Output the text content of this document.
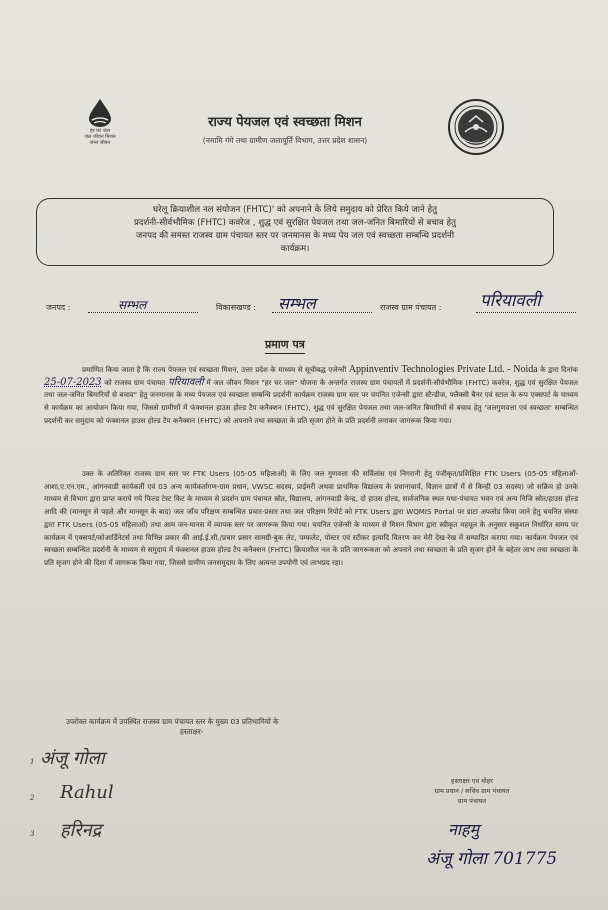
हर घर जल
जल जीवन मिशन
जन्म जीवन
राज्य पेयजल एवं स्वच्छता मिशन
(नमामि गंगे तथा ग्रामीण जलापूर्ति विभाग, उत्तर प्रदेश शासन)
घरेलू क्रियाशील नल संयोजन (FHTC)' को अपनाने के लिये समुदाय को प्रेरित किये जाने हेतु
प्रदर्शनी-सीर्वभौमिक (FHTC) कवरेज , शुद्ध एवं सुरक्षित पेयजल तथा जल-जनित बिमारियों से बचाव हेतु
जनपद की समस्त राजस्व ग्राम पंचायत स्तर पर जनमानस के मध्य पेय जल एवं स्वच्छता सम्बन्धि प्रदर्शनी
कार्यक्रम।
जनपद :	सम्भल	विकासखण्ड : सम्भल	राजस्व ग्राम पंचायत : परियावली
प्रमाण पत्र
प्रमाणित किया जाता है कि राज्य पेयजल एवं स्वच्छता मिशन, उत्तर प्रदेश के माध्यम से सूचीबद्ध एजेन्सी Appinventiv Technologies Private Ltd. - Noida के द्वारा दिनांक 25-07-2023 को राजस्व ग्राम पंचायत परियावली में जल जीवन मिशन "हर घर जल" योजना के अन्तर्गत राजस्व ग्राम पंचायतों में प्रदर्शनी-सीर्वभौमिक (FHTC) कवरेज, शुद्ध एवं सुरक्षित पेयजल तथा जल-जनित बिमारियों से बचाव" हेतु जनमानस के मध्य पेयजल एवं स्वच्छता सम्बन्धि प्रदर्शनी कार्यक्रम राजस्व ग्राम स्तर पर चयनित एजेन्सी द्वारा स्टैन्डीज, फ्लैक्सी बैनर एवं स्टाल के रूप एक्सपर्ट के माध्यम से कार्यक्रम का आयोजन किया गया, जिससे ग्रामीणों में फंक्शनल हाउस होल्ड टैप कनैक्शन (FHTC), शुद्ध एवं सुरक्षित पेयजल तथा जल-जनित बिमारियों से बचाव हेतु 'जलगुणवत्ता एवं स्वच्छता' सम्बन्धित प्रदर्शनी कर समुदाय को फंक्शनल हाउस होल्ड टैप कनैक्शन (FHTC) को अपनाने तथा स्वच्छता के प्रति सृजग होने के प्रति प्रदर्शनी लगाकर जागरूक किया गया।
उक्त के अतिरिक्त राजस्व ग्राम स्तर पर FTK Users (05-05 महिलाओं) के लिए जल गुणवत्ता की सर्विलांस एवं निगरानी हेतु पंजीकृत/प्रशिक्षित FTK Users (05-05 महिलाओं-आशा,ए.एन.एम., आंगनवाडी कार्यकर्ती एवं 03 अन्य कार्यकर्तागण-ग्राम प्रधान, VWSC सदस्य, प्राईमरी अथवा प्राथमिक विद्यालय के प्रधानाचार्य, विज्ञान छात्रों में से किन्ही 03 सदस्य) जो सक्रिय हो उनके माध्यम से विभाग द्वारा प्राप्त कराये गये फिल्ड टेस्ट किट के माध्यम से प्रदर्शन ग्राम पंचायत स्रोत, विद्यालय, आंगनवाडी केन्द्र, दो हाउस होल्ड, सार्वजनिक स्थल यथा-पंचायत भवन एवं अन्य निजि स्रोत/हाउस होल्ड आदि की (मानसून से पहले और मानसून के बाद) जल जाँच परिक्षण सम्बन्धित प्रचार-प्रसार तथा जल परिक्षण रिपोर्ट को FTK Users द्वारा WQMIS Portal पर डाटा अपलोड किया जाने हेतु चयनित संस्था द्वारा FTK Users (05-05 महिलाओं) तथा आम जन-मानस में व्यापक स्तर पर जागरूक किया गया। चयनित एजेन्सी के माध्यम से मिशन विभाग द्वारा स्वीकृत महयूल के अनुसार सकुशल निर्धारित समय पर कार्यक्रम में एक्सपर्ट/कोआर्डिनेटर्स तथा विभिन्न प्रकार की आई.ई.सी./प्रचार प्रसार सामग्री-बुक लेट, पम्फलेट, पोस्टर एवं स्टीकर इत्यादि वितरण कर मेरी देख-रेख में सम्पादित कराया गया। कार्यक्रम पेयजल एवं स्वच्छता सम्बन्धित प्रदर्शनी के माध्यम से समुदाय में फंक्शनल हाउस होल्ड टैप कनैक्शन (FHTC) क्रियाशील नल के प्रति जागरूकता को अपनाने तथा स्वच्छता के प्रति सृजग होने के बहेतर लाभ तथा स्वच्छता के प्रति सृजग होने की दिशा में जागरूक किया गया, जिससे ग्रामीण जनसमुदाय के लिए अत्यन्त उपयोगी एवं लाभप्रद रहा।
उपरोक्त कार्यक्रम में उपस्थित राजस्व ग्राम पंचायत स्तर के मुख्य 03 प्रतिभागियों के
हस्ताक्षर-
1 अंजू गोला
2 Rahul
3 हरिनद्र
हस्ताक्षर एवं मोहर
ग्राम प्रधान / सचिव ग्राम पंचायत
ग्राम पंचायत
नाहमु
अंजू गोला 701775
